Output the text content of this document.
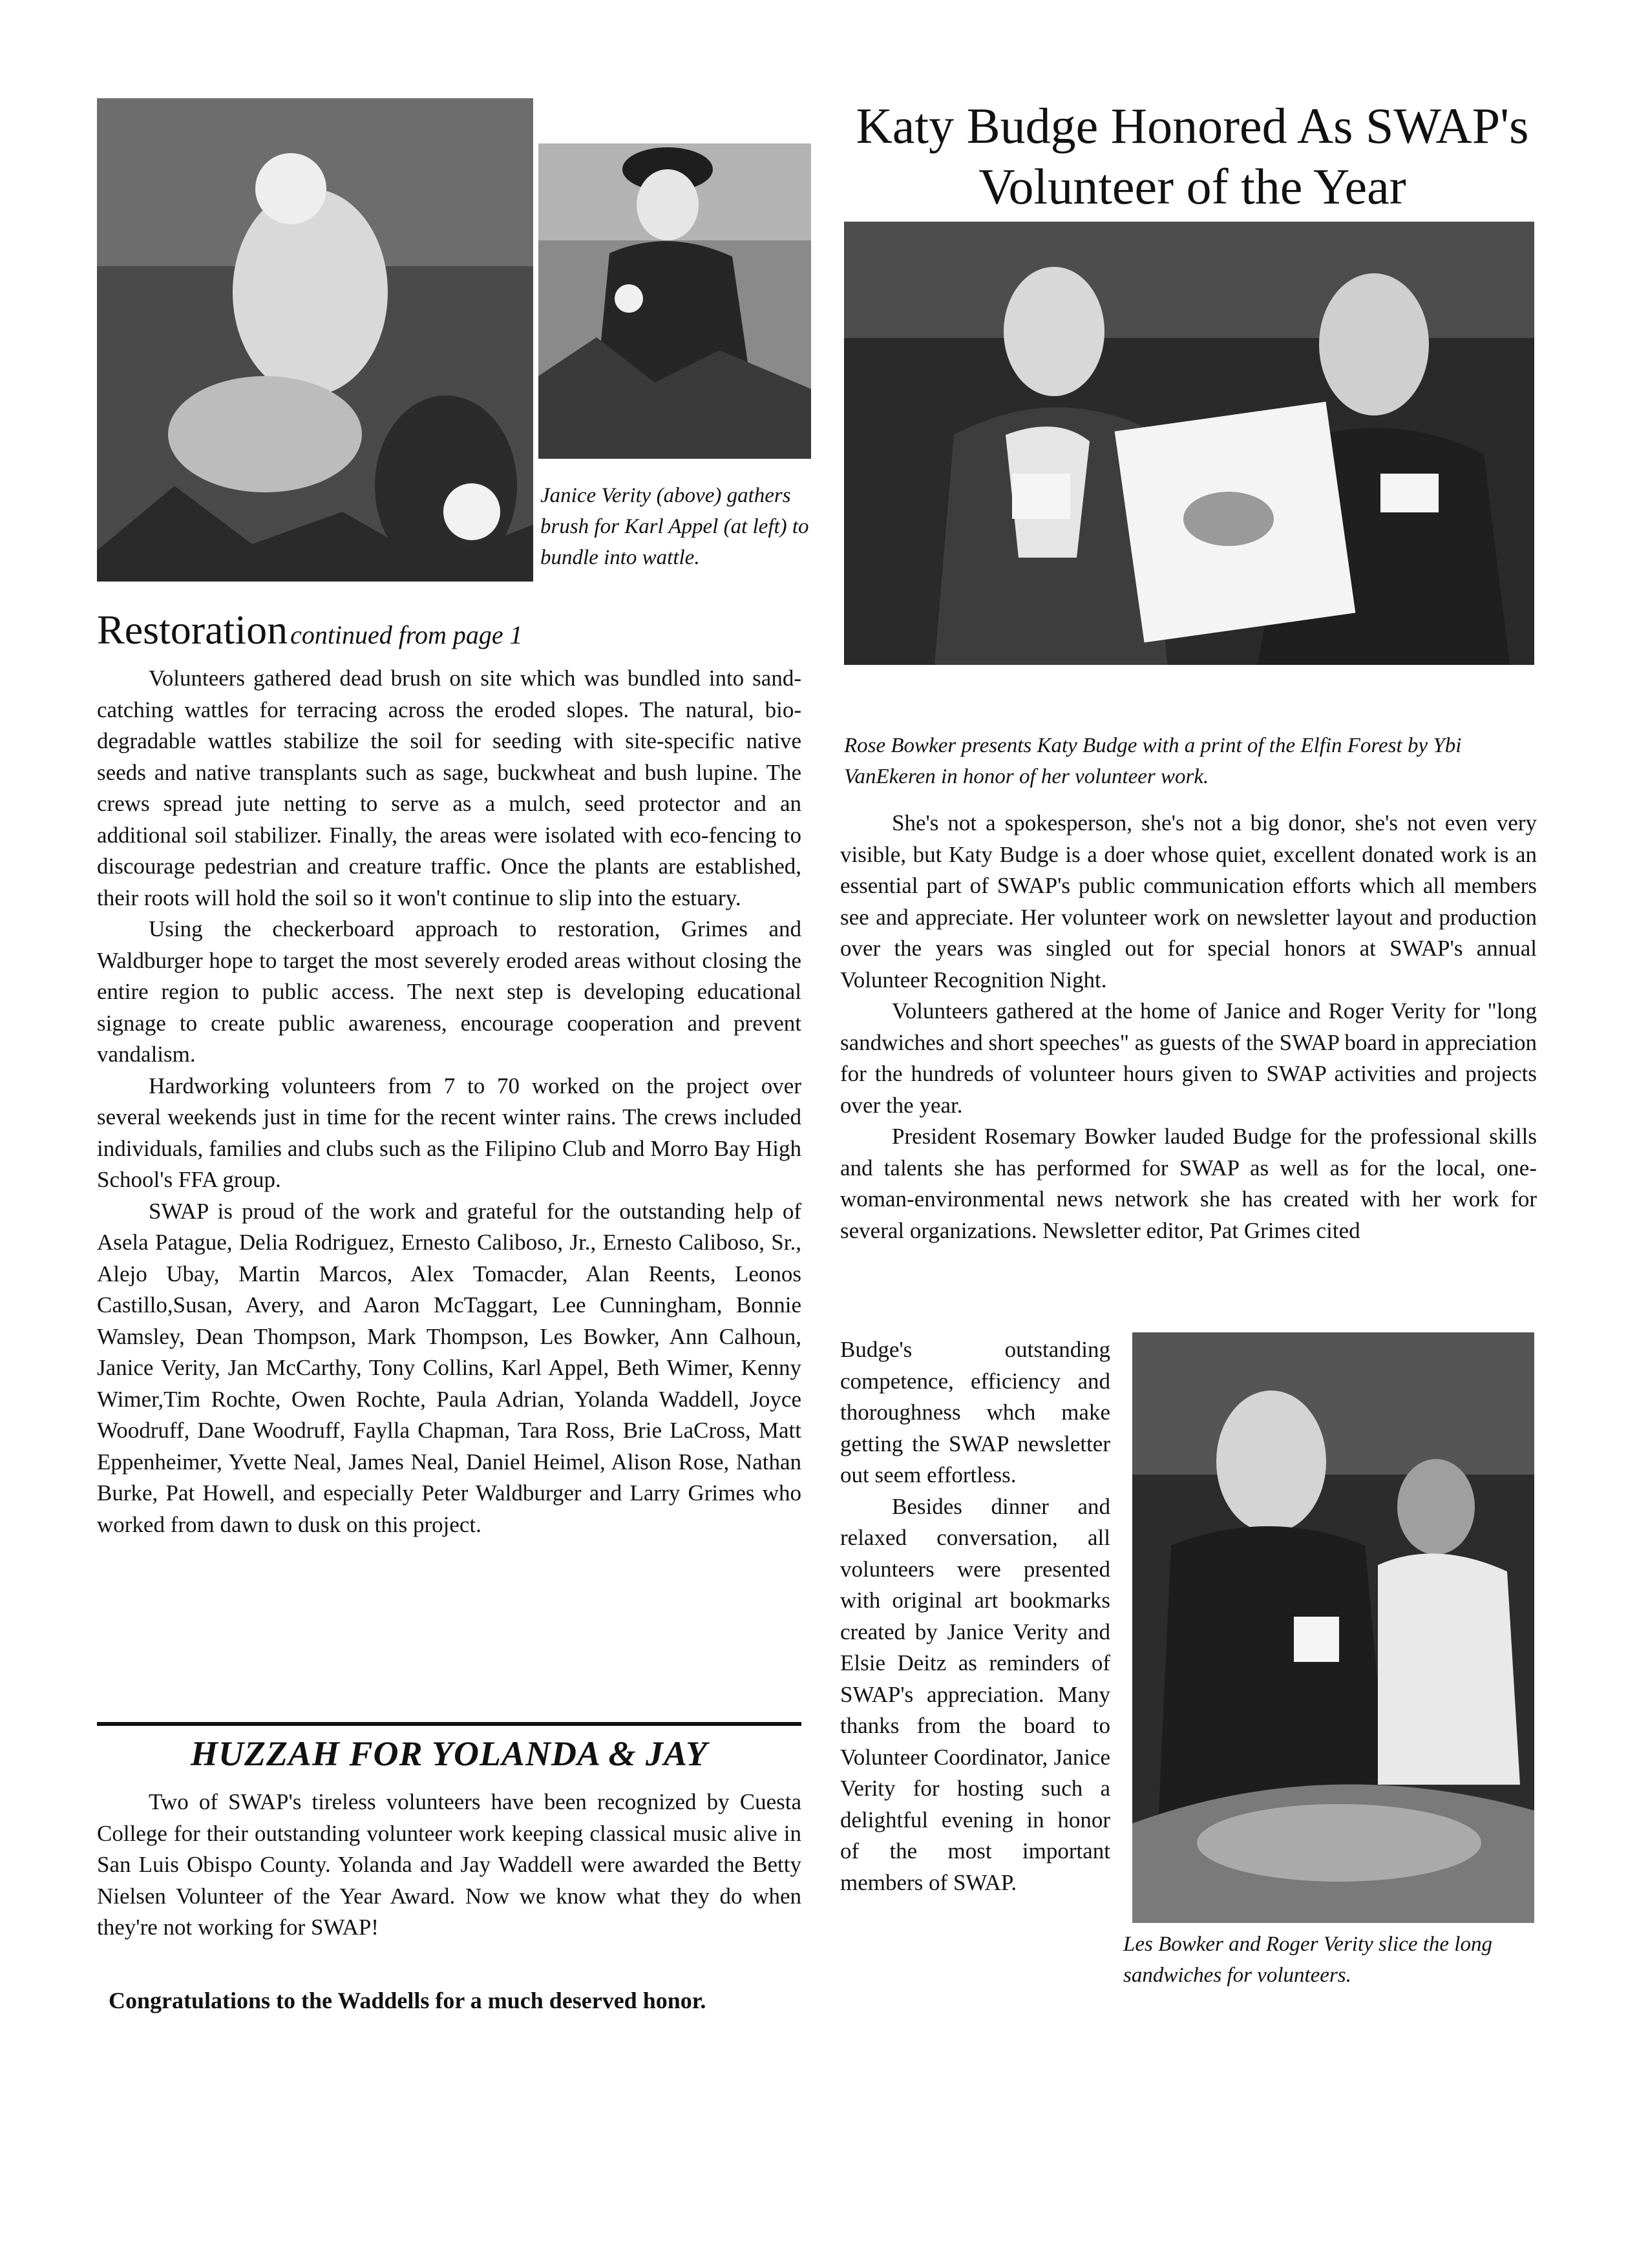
Katy Budge Honored As SWAP's

Volunteer of the Year

Janice Verity (above) gathers brush for Karl Appel (at left) to bundle into wattle.

Restoration continued from page 1

Volunteers gathered dead brush on site which was bundled into sand-catching wattles for terracing across the eroded slopes. The natural, bio-degradable wattles stabilize the soil for seeding with site-specific native seeds and native transplants such as sage, buckwheat and bush lupine. The crews spread jute netting to serve as a mulch, seed protector and an additional soil stabilizer. Finally, the areas were isolated with eco-fencing to discourage pedestrian and creature traffic. Once the plants are established, their roots will hold the soil so it won't continue to slip into the estuary.

Using the checkerboard approach to restoration, Grimes and Waldburger hope to target the most severely eroded areas without closing the entire region to public access. The next step is developing educational signage to create public awareness, encourage cooperation and prevent vandalism.

Hardworking volunteers from 7 to 70 worked on the project over several weekends just in time for the recent winter rains. The crews included individuals, families and clubs such as the Filipino Club and Morro Bay High School's FFA group.

SWAP is proud of the work and grateful for the outstanding help of Asela Patague, Delia Rodriguez, Ernesto Caliboso, Jr., Ernesto Caliboso, Sr., Alejo Ubay, Martin Marcos, Alex Tomacder, Alan Reents, Leonos Castillo,Susan, Avery, and Aaron McTaggart, Lee Cunningham, Bonnie Wamsley, Dean Thompson, Mark Thompson, Les Bowker, Ann Calhoun, Janice Verity, Jan McCarthy, Tony Collins, Karl Appel, Beth Wimer, Kenny Wimer,Tim Rochte, Owen Rochte, Paula Adrian, Yolanda Waddell, Joyce Woodruff, Dane Woodruff, Faylla Chapman, Tara Ross, Brie LaCross, Matt Eppenheimer, Yvette Neal, James Neal, Daniel Heimel, Alison Rose, Nathan Burke, Pat Howell, and especially Peter Waldburger and Larry Grimes who worked from dawn to dusk on this project.

HUZZAH FOR YOLANDA & JAY

Two of SWAP's tireless volunteers have been recognized by Cuesta College for their outstanding volunteer work keeping classical music alive in San Luis Obispo County. Yolanda and Jay Waddell were awarded the Betty Nielsen Volunteer of the Year Award. Now we know what they do when they're not working for SWAP!

Congratulations to the Waddells for a much deserved honor.

Rose Bowker presents Katy Budge with a print of the Elfin Forest by Ybi VanEkeren in honor of her volunteer work.

She's not a spokesperson, she's not a big donor, she's not even very visible, but Katy Budge is a doer whose quiet, excellent donated work is an essential part of SWAP's public communication efforts which all members see and appreciate. Her volunteer work on newsletter layout and production over the years was singled out for special honors at SWAP's annual Volunteer Recognition Night.

Volunteers gathered at the home of Janice and Roger Verity for "long sandwiches and short speeches" as guests of the SWAP board in appreciation for the hundreds of volunteer hours given to SWAP activities and projects over the year.

President Rosemary Bowker lauded Budge for the professional skills and talents she has performed for SWAP as well as for the local, one-woman-environmental news network she has created with her work for several organizations. Newsletter editor, Pat Grimes cited

Budge's outstanding competence, efficiency and thoroughness whch make getting the SWAP newsletter out seem effortless.

Besides dinner and relaxed conversation, all volunteers were presented with original art bookmarks created by Janice Verity and Elsie Deitz as reminders of SWAP's appreciation. Many thanks from the board to Volunteer Coordinator, Janice Verity for hosting such a delightful evening in honor of the most important members of SWAP.

Les Bowker and Roger Verity slice the long sandwiches for volunteers.
